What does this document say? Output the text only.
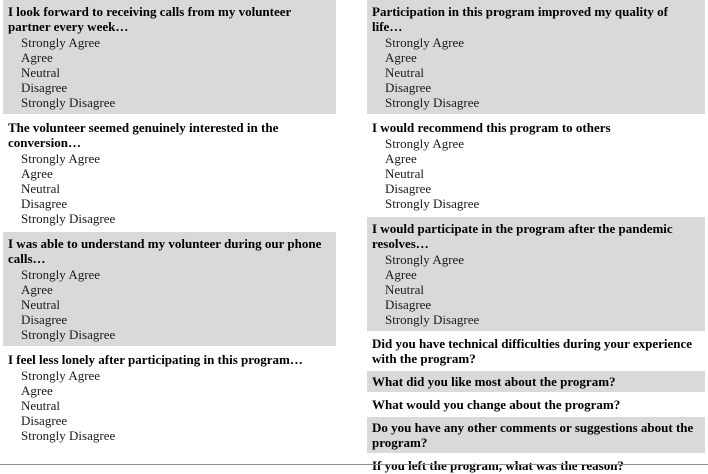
I look forward to receiving calls from my volunteer partner every week…
Strongly Agree
Agree
Neutral
Disagree
Strongly Disagree
The volunteer seemed genuinely interested in the conversion…
Strongly Agree
Agree
Neutral
Disagree
Strongly Disagree
I was able to understand my volunteer during our phone calls…
Strongly Agree
Agree
Neutral
Disagree
Strongly Disagree
I feel less lonely after participating in this program…
Strongly Agree
Agree
Neutral
Disagree
Strongly Disagree
Participation in this program improved my quality of life…
Strongly Agree
Agree
Neutral
Disagree
Strongly Disagree
I would recommend this program to others
Strongly Agree
Agree
Neutral
Disagree
Strongly Disagree
I would participate in the program after the pandemic resolves…
Strongly Agree
Agree
Neutral
Disagree
Strongly Disagree
Did you have technical difficulties during your experience with the program?
What did you like most about the program?
What would you change about the program?
Do you have any other comments or suggestions about the program?
If you left the program, what was the reason?
